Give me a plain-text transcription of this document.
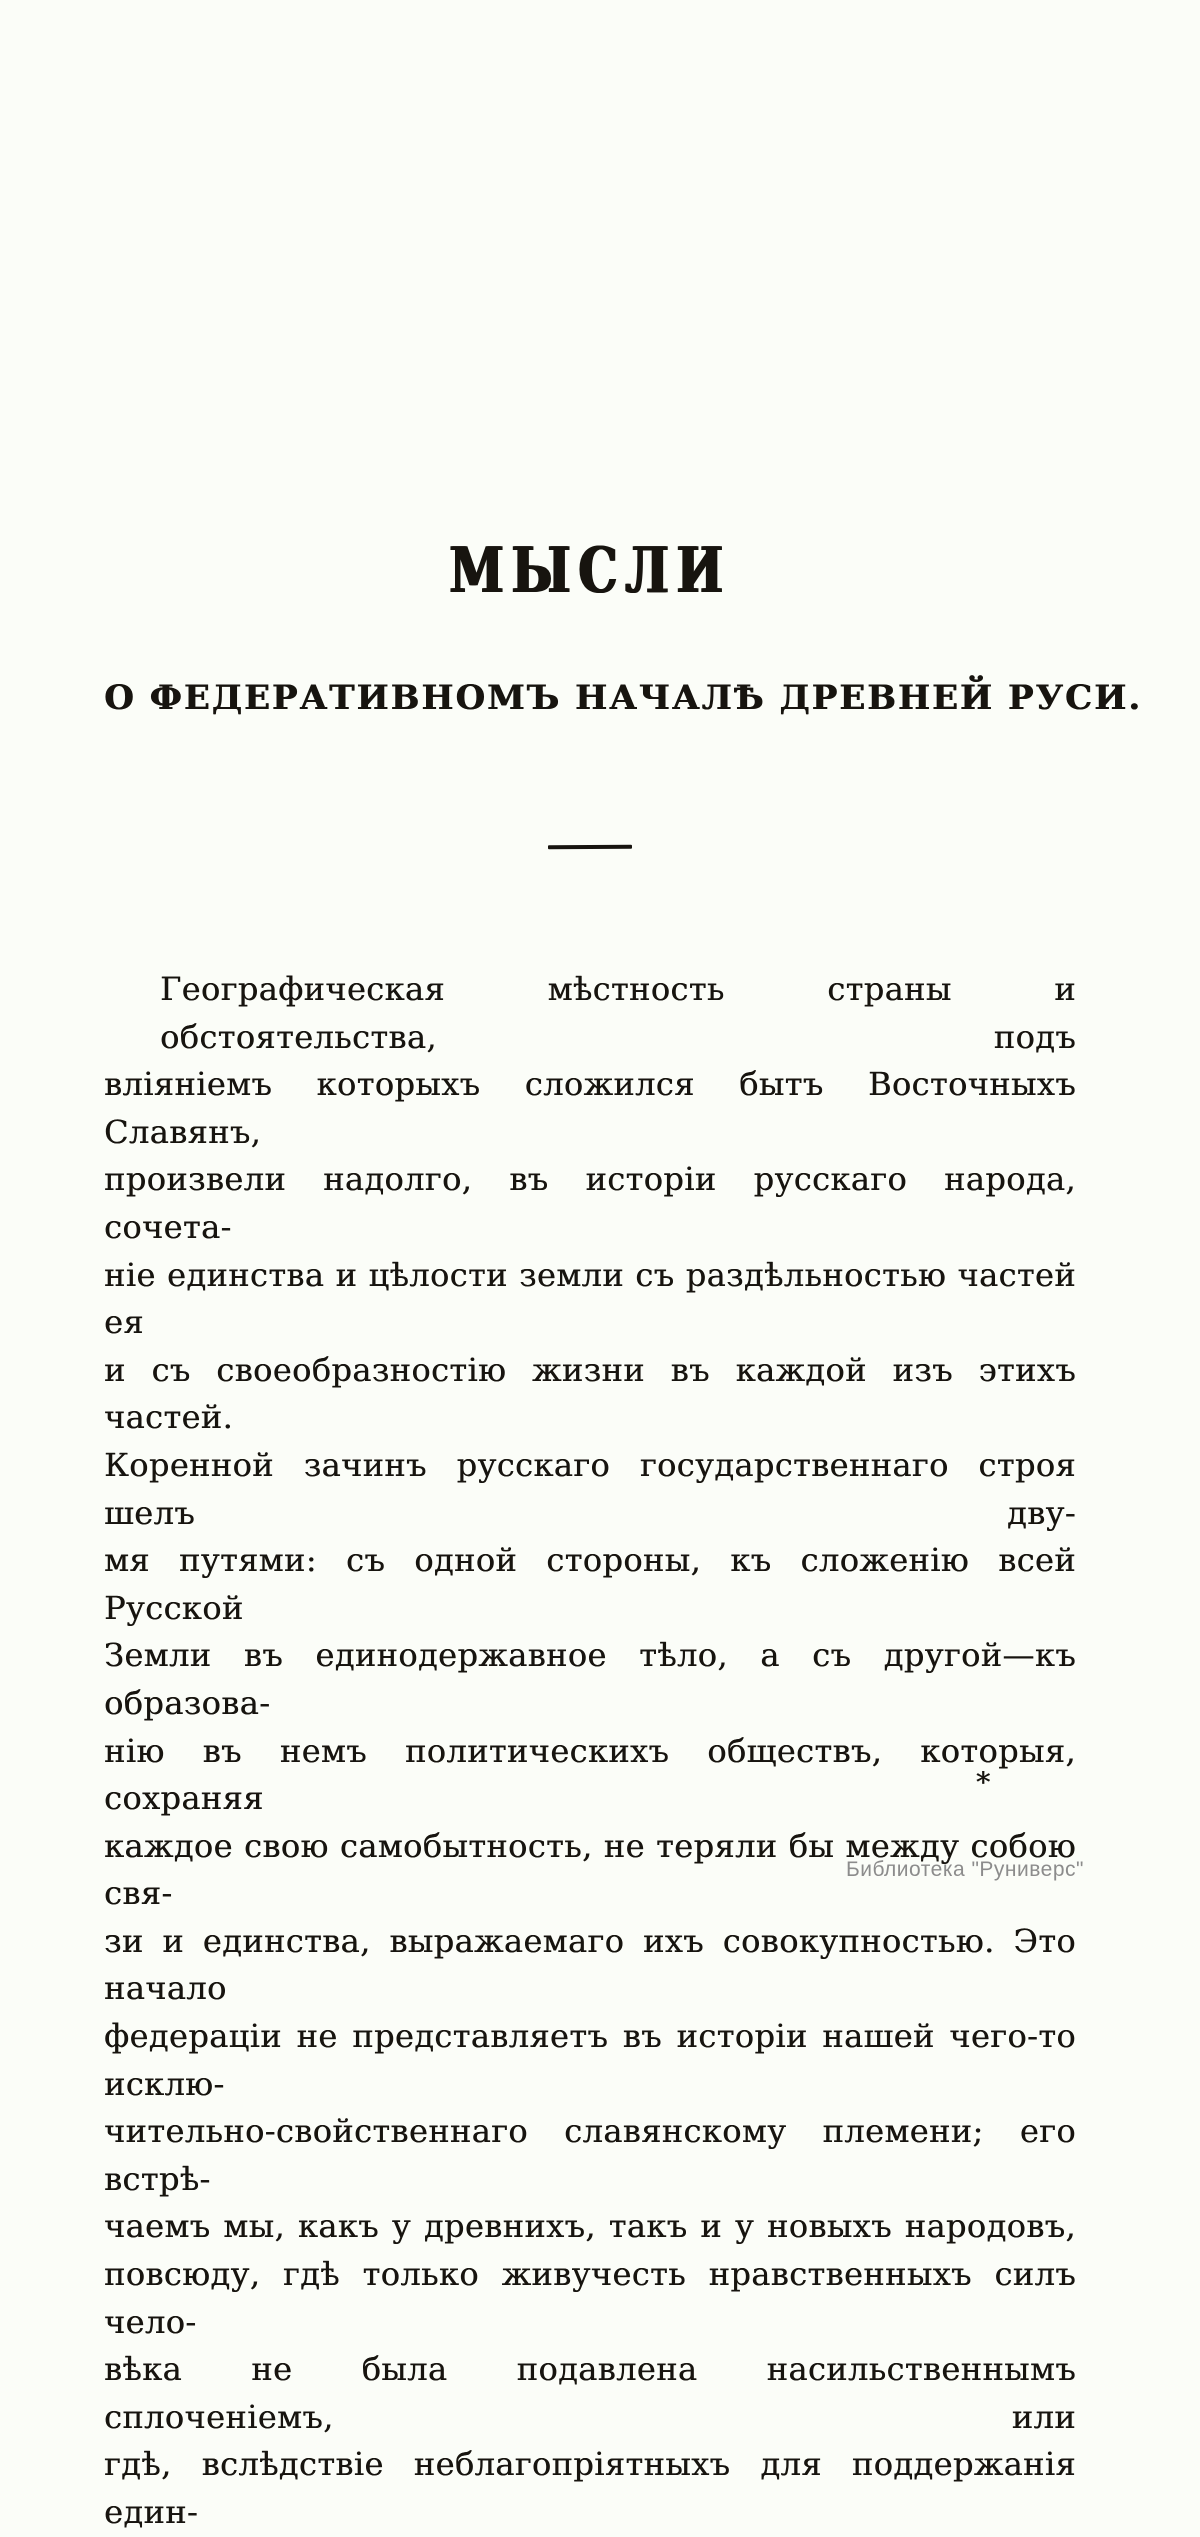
МЫСЛИ
О ФЕДЕРАТИВНОМЪ НАЧАЛѢ ДРЕВНЕЙ РУСИ.

Географическая мѣстность страны и обстоятельства, подъ

вліяніемъ которыхъ сложился бытъ Восточныхъ Славянъ,

произвели надолго, въ исторіи русскаго народа, сочета-

ніе единства и цѣлости земли съ раздѣльностью частей ея

и съ своеобразностію жизни въ каждой изъ этихъ частей.

Коренной зачинъ русскаго государственнаго строя шелъ дву-

мя путями: съ одной стороны, къ сложенію всей Русской

Земли въ единодержавное тѣло, а съ другой—къ образова-

нію въ немъ политическихъ обществъ, которыя, сохраняя

каждое свою самобытность, не теряли бы между собою свя-

зи и единства, выражаемаго ихъ совокупностью. Это начало

федераціи не представляетъ въ исторіи нашей чего-то исклю-

чительно-свойственнаго славянскому племени; его встрѣ-

чаемъ мы, какъ у древнихъ, такъ и у новыхъ народовъ,

повсюду, гдѣ только живучесть нравственныхъ силъ чело-

вѣка не была подавлена насильственнымъ сплоченіемъ, или

гдѣ, вслѣдствіе неблагопріятныхъ для поддержанія един-

*
Библиотека "Руниверс"
